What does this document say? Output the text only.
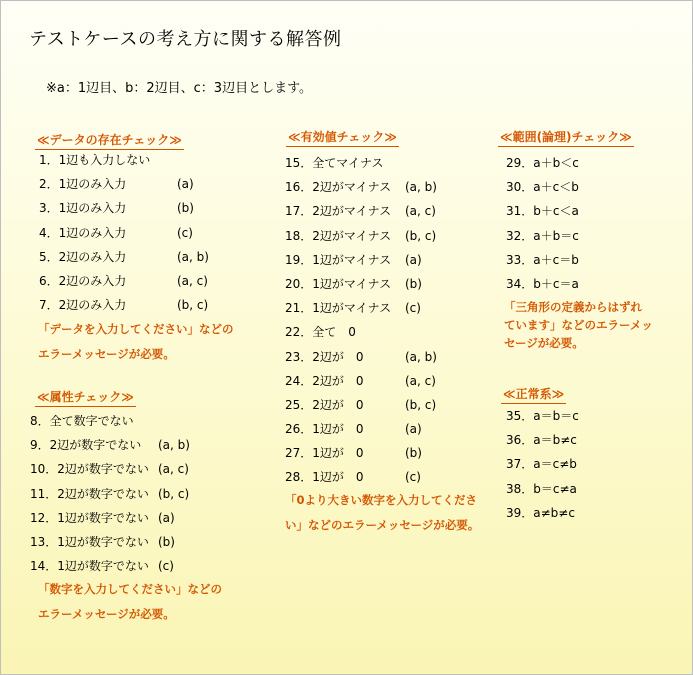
テストケースの考え方に関する解答例
※a：1辺目、b：2辺目、c：3辺目とします。
≪データの存在チェック≫
1．1辺も入力しない
2．1辺のみ入力	(a)
3．1辺のみ入力	(b)
4．1辺のみ入力	(c)
5．2辺のみ入力	(a, b)
6．2辺のみ入力	(a, c)
7．2辺のみ入力	(b, c)
「データを入力してください」などの
エラーメッセージが必要。
≪属性チェック≫
8．全て数字でない
9．2辺が数字でない (a, b)
10．2辺が数字でない (a, c)
11．2辺が数字でない (b, c)
12．1辺が数字でない (a)
13．1辺が数字でない (b)
14．1辺が数字でない (c)
「数字を入力してください」などの
エラーメッセージが必要。
≪有効値チェック≫
15．全てマイナス
16．2辺がマイナス (a, b)
17．2辺がマイナス (a, c)
18．2辺がマイナス (b, c)
19．1辺がマイナス (a)
20．1辺がマイナス (b)
21．1辺がマイナス (c)
22．全て　0
23．2辺が　0	(a, b)
24．2辺が　0	(a, c)
25．2辺が　0	(b, c)
26．1辺が　0	(a)
27．1辺が　0	(b)
28．1辺が　0	(c)
「0より大きい数字を入力してくださ
い」などのエラーメッセージが必要。
≪範囲(論理)チェック≫
29．a＋b＜c
30．a＋c＜b
31．b＋c＜a
32．a＋b＝c
33．a＋c＝b
34．b＋c＝a
「三角形の定義からはずれ
ています」などのエラーメッ
セージが必要。
≪正常系≫
35．a＝b＝c
36．a＝b≠c
37．a＝c≠b
38．b＝c≠a
39．a≠b≠c
